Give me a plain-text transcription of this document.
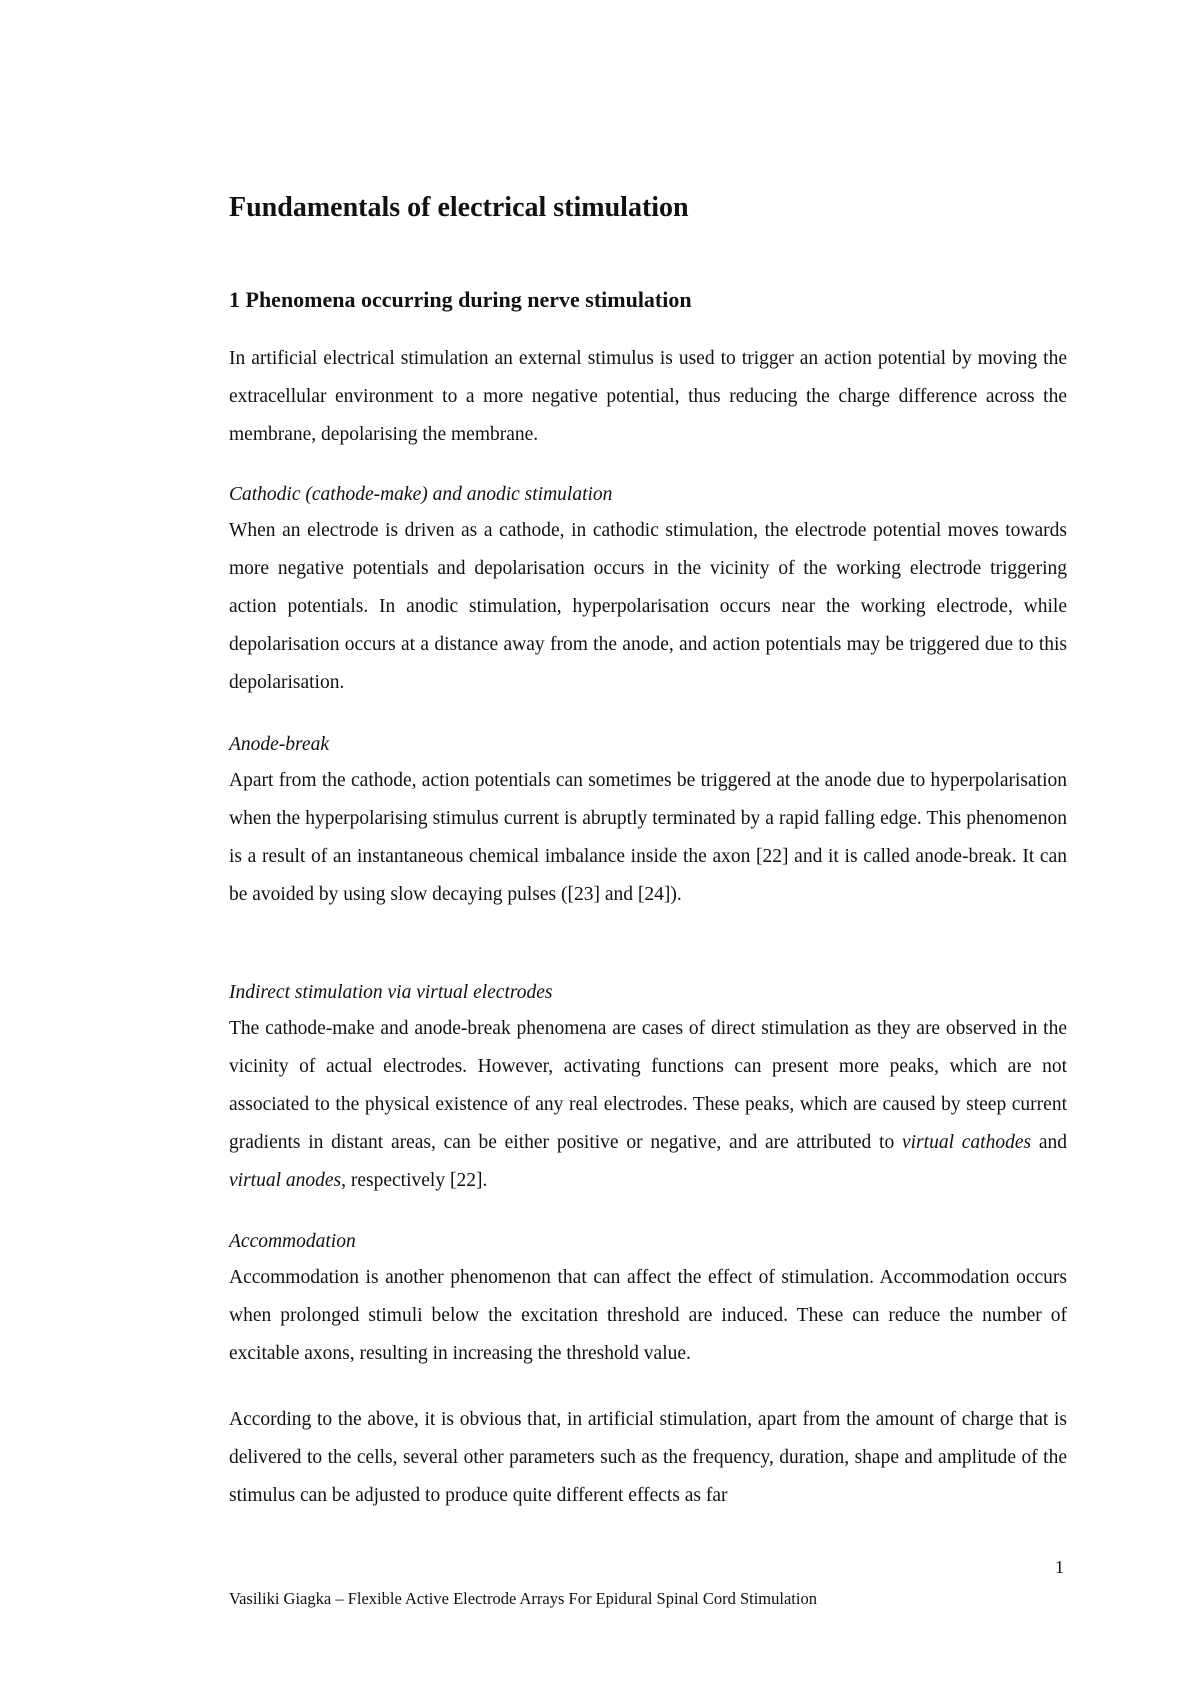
Fundamentals of electrical stimulation
1 Phenomena occurring during nerve stimulation

In artificial electrical stimulation an external stimulus is used to trigger an action potential by moving the extracellular environment to a more negative potential, thus reducing the charge difference across the membrane, depolarising the membrane.

Cathodic (cathode-make) and anodic stimulation

When an electrode is driven as a cathode, in cathodic stimulation, the electrode potential moves towards more negative potentials and depolarisation occurs in the vicinity of the working electrode triggering action potentials. In anodic stimulation, hyperpolarisation occurs near the working electrode, while depolarisation occurs at a distance away from the anode, and action potentials may be triggered due to this depolarisation.

Anode-break

Apart from the cathode, action potentials can sometimes be triggered at the anode due to hyperpolarisation when the hyperpolarising stimulus current is abruptly terminated by a rapid falling edge. This phenomenon is a result of an instantaneous chemical imbalance inside the axon [22] and it is called anode-break. It can be avoided by using slow decaying pulses ([23] and [24]).

Indirect stimulation via virtual electrodes

The cathode-make and anode-break phenomena are cases of direct stimulation as they are observed in the vicinity of actual electrodes. However, activating functions can present more peaks, which are not associated to the physical existence of any real electrodes. These peaks, which are caused by steep current gradients in distant areas, can be either positive or negative, and are attributed to virtual cathodes and virtual anodes, respectively [22].

Accommodation

Accommodation is another phenomenon that can affect the effect of stimulation. Accommodation occurs when prolonged stimuli below the excitation threshold are induced. These can reduce the number of excitable axons, resulting in increasing the threshold value.

According to the above, it is obvious that, in artificial stimulation, apart from the amount of charge that is delivered to the cells, several other parameters such as the frequency, duration, shape and amplitude of the stimulus can be adjusted to produce quite different effects as far

1
Vasiliki Giagka – Flexible Active Electrode Arrays For Epidural Spinal Cord Stimulation
